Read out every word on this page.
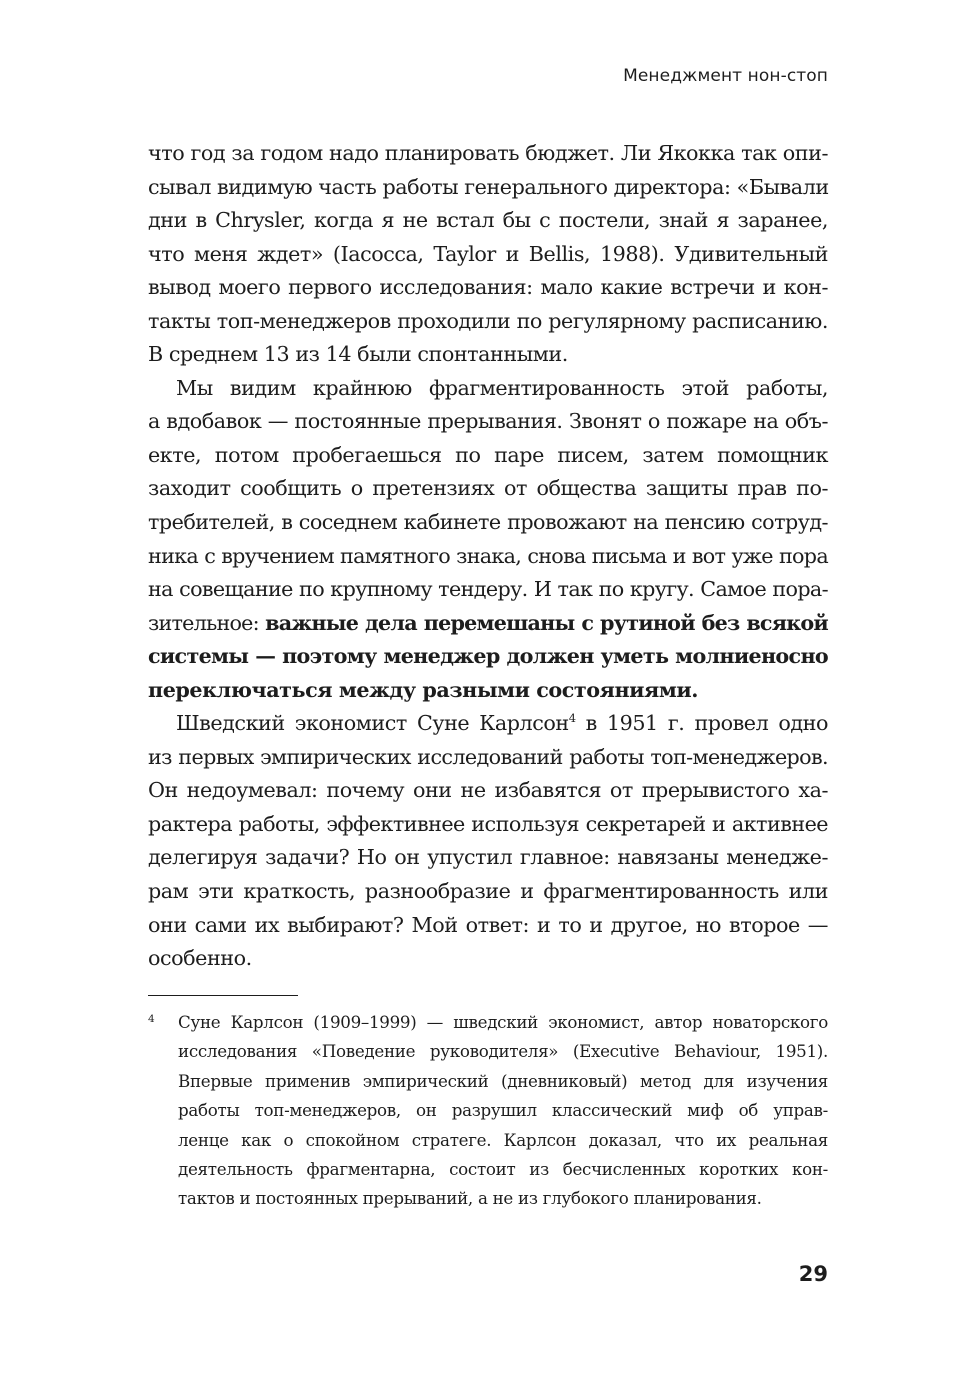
Менеджмент нон-стоп

что год за годом надо планировать бюджет. Ли Якокка так опи-
сывал видимую часть работы генерального директора: «Бывали
дни в Chrysler, когда я не встал бы с постели, знай я заранее,
что меня ждет» (Iacocca, Taylor и Bellis, 1988). Удивительный
вывод моего первого исследования: мало какие встречи и кон-
такты топ-менеджеров проходили по регулярному расписанию.
В среднем 13 из 14 были спонтанными.

Мы видим крайнюю фрагментированность этой работы,
а вдобавок — постоянные прерывания. Звонят о пожаре на объ-
екте, потом пробегаешься по паре писем, затем помощник
заходит сообщить о претензиях от общества защиты прав по-
требителей, в соседнем кабинете провожают на пенсию сотруд-
ника с вручением памятного знака, снова письма и вот уже пора
на совещание по крупному тендеру. И так по кругу. Самое пора-
зительное: важные дела перемешаны с рутиной без всякой
системы — поэтому менеджер должен уметь молниеносно
переключаться между разными состояниями.

Шведский экономист Суне Карлсон$^4$ в 1951 г. провел одно
из первых эмпирических исследований работы топ-менеджеров.
Он недоумевал: почему они не избавятся от прерывистого ха-
рактера работы, эффективнее используя секретарей и активнее
делегируя задачи? Но он упустил главное: навязаны менедже-
рам эти краткость, разнообразие и фрагментированность или
они сами их выбирают? Мой ответ: и то и другое, но второе —
особенно.

4 Суне Карлсон (1909–1999) — шведский экономист, автор новаторского
исследования «Поведение руководителя» (Executive Behaviour, 1951).
Впервые применив эмпирический (дневниковый) метод для изучения
работы топ-менеджеров, он разрушил классический миф об управ-
ленце как о спокойном стратеге. Карлсон доказал, что их реальная
деятельность фрагментарна, состоит из бесчисленных коротких кон-
тактов и постоянных прерываний, а не из глубокого планирования.
29
